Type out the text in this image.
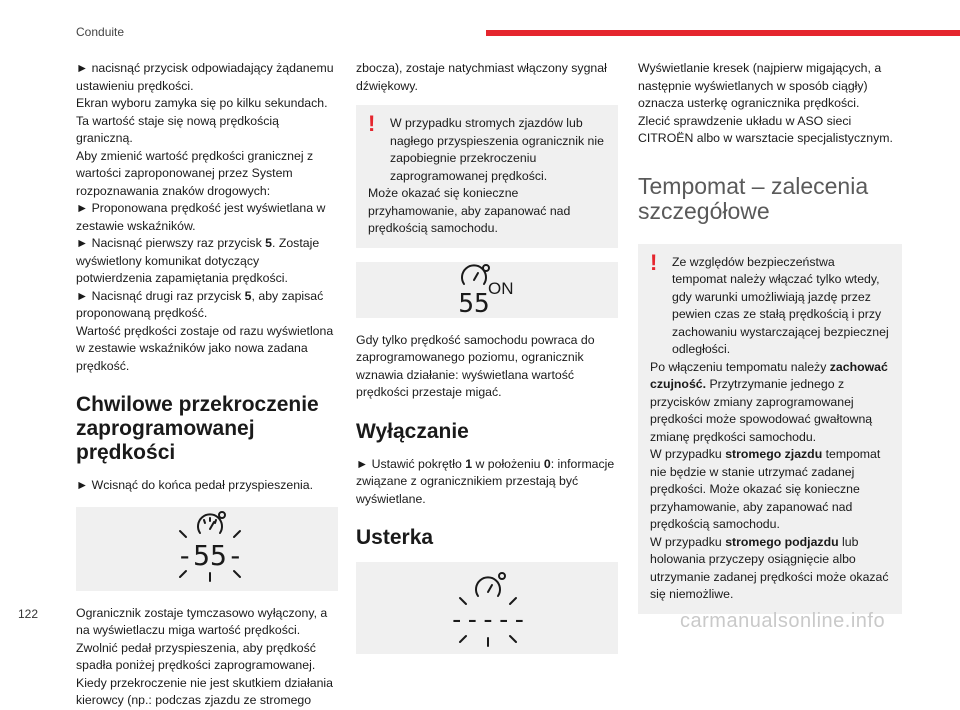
Conduite

► nacisnąć przycisk odpowiadający żądanemu ustawieniu prędkości.

Ekran wyboru zamyka się po kilku sekundach.

Ta wartość staje się nową prędkością graniczną.

Aby zmienić wartość prędkości granicznej z wartości zaproponowanej przez System rozpoznawania znaków drogowych:

► Proponowana prędkość jest wyświetlana w zestawie wskaźników.

► Nacisnąć pierwszy raz przycisk 5. Zostaje wyświetlony komunikat dotyczący potwierdzenia zapamiętania prędkości.

► Nacisnąć drugi raz przycisk 5, aby zapisać proponowaną prędkość.

Wartość prędkości zostaje od razu wyświetlona w zestawie wskaźników jako nowa zadana prędkość.

Chwilowe przekroczenie zaprogramowanej prędkości

► Wcisnąć do końca pedał przyspieszenia.

-55-

Ogranicznik zostaje tymczasowo wyłączony, a na wyświetlaczu miga wartość prędkości.

Zwolnić pedał przyspieszenia, aby prędkość spadła poniżej prędkości zaprogramowanej.

Kiedy przekroczenie nie jest skutkiem działania kierowcy (np.: podczas zjazdu ze stromego

zbocza), zostaje natychmiast włączony sygnał dźwiękowy.

!	W przypadku stromych zjazdów lub nagłego przyspieszenia ogranicznik nie zapobiegnie przekroczeniu zaprogramowanej prędkości.

Może okazać się konieczne przyhamowanie, aby zapanować nad prędkością samochodu.

55
ON

Gdy tylko prędkość samochodu powraca do zaprogramowanego poziomu, ogranicznik wznawia działanie: wyświetlana wartość prędkości przestaje migać.

Wyłączanie

► Ustawić pokrętło 1 w położeniu 0: informacje związane z ogranicznikiem przestają być wyświetlane.

Usterka
-----

Wyświetlanie kresek (najpierw migających, a następnie wyświetlanych w sposób ciągły) oznacza usterkę ogranicznika prędkości.

Zlecić sprawdzenie układu w ASO sieci CITROËN albo w warsztacie specjalistycznym.

Tempomat – zalecenia szczegółowe
!	Ze względów bezpieczeństwa tempomat należy włączać tylko wtedy, gdy warunki umożliwiają jazdę przez pewien czas ze stałą prędkością i przy zachowaniu wystarczającej bezpiecznej odległości.

Po włączeniu tempomatu należy zachować czujność. Przytrzymanie jednego z przycisków zmiany zaprogramowanej prędkości może spowodować gwałtowną zmianę prędkości samochodu.

W przypadku stromego zjazdu tempomat nie będzie w stanie utrzymać zadanej prędkości. Może okazać się konieczne przyhamowanie, aby zapanować nad prędkością samochodu.

W przypadku stromego podjazdu lub holowania przyczepy osiągnięcie albo utrzymanie zadanej prędkości może okazać się niemożliwe.

122	carmanualsonline.info
